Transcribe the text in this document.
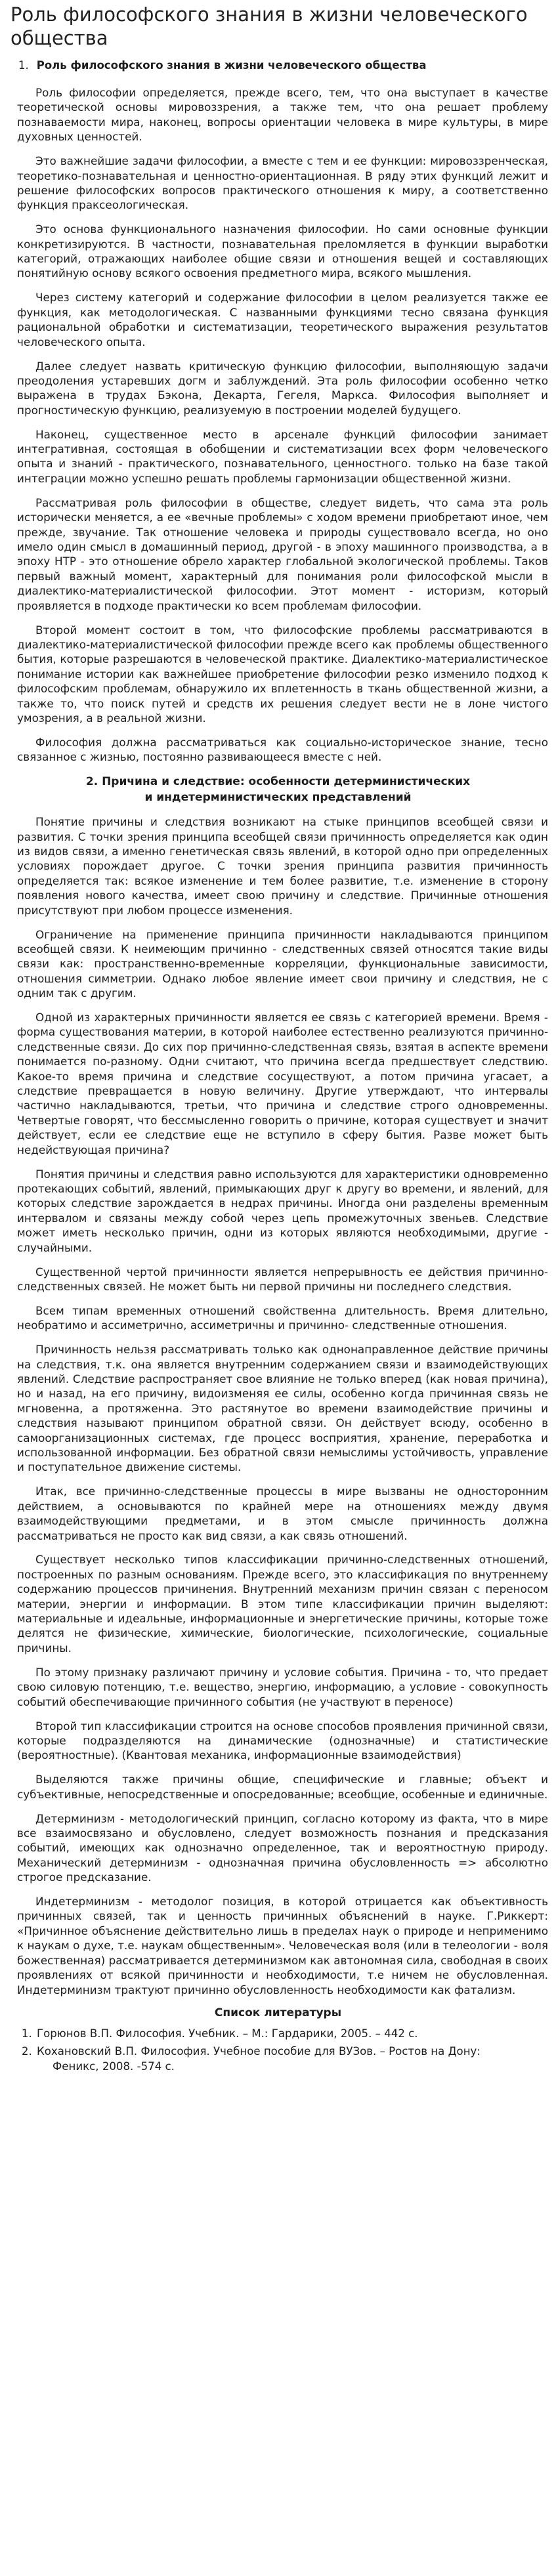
Роль философского знания в жизни человеческого общества
1. Роль философского знания в жизни человеческого общества

Роль философии определяется, прежде всего, тем, что она выступает в качестве теоретической основы мировоззрения, а также тем, что она решает проблему познаваемости мира, наконец, вопросы ориентации человека в мире культуры, в мире духовных ценностей.

Это важнейшие задачи философии, а вместе с тем и ее функции: мировоззренческая, теоретико-познавательная и ценностно-ориентационная. В ряду этих функций лежит и решение философских вопросов практического отношения к миру, а соответственно функция праксеологическая.

Это основа функционального назначения философии. Но сами основные функции конкретизируются. В частности, познавательная преломляется в функции выработки категорий, отражающих наиболее общие связи и отношения вещей и составляющих понятийную основу всякого освоения предметного мира, всякого мышления.

Через систему категорий и содержание философии в целом реализуется также ее функция, как методологическая. С названными функциями тесно связана функция рациональной обработки и систематизации, теоретического выражения результатов человеческого опыта.

Далее следует назвать критическую функцию философии, выполняющую задачи преодоления устаревших догм и заблуждений. Эта роль философии особенно четко выражена в трудах Бэкона, Декарта, Гегеля, Маркса. Философия выполняет и прогностическую функцию, реализуемую в построении моделей будущего.

Наконец, существенное место в арсенале функций философии занимает интегративная, состоящая в обобщении и систематизации всех форм человеческого опыта и знаний - практического, познавательного, ценностного. только на базе такой интеграции можно успешно решать проблемы гармонизации общественной жизни.

Рассматривая роль философии в обществе, следует видеть, что сама эта роль исторически меняется, а ее «вечные проблемы» с ходом времени приобретают иное, чем прежде, звучание. Так отношение человека и природы существовало всегда, но оно имело один смысл в домашинный период, другой - в эпоху машинного производства, а в эпоху НТР - это отношение обрело характер глобальной экологической проблемы. Таков первый важный момент, характерный для понимания роли философской мысли в диалектико-материалистической философии. Этот момент - историзм, который проявляется в подходе практически ко всем проблемам философии.

Второй момент состоит в том, что философские проблемы рассматриваются в диалектико-материалистической философии прежде всего как проблемы общественного бытия, которые разрешаются в человеческой практике. Диалектико-материалистическое понимание истории как важнейшее приобретение философии резко изменило подход к философским проблемам, обнаружило их вплетенность в ткань общественной жизни, а также то, что поиск путей и средств их решения следует вести не в лоне чистого умозрения, а в реальной жизни.

Философия должна рассматриваться как социально-историческое знание, тесно связанное с жизнью, постоянно развивающееся вместе с ней.

2. Причина и следствие: особенности детерминистических
и индетерминистических представлений

Понятие причины и следствия возникают на стыке принципов всеобщей связи и развития. С точки зрения принципа всеобщей связи причинность определяется как один из видов связи, а именно генетическая связь явлений, в которой одно при определенных условиях порождает другое. С точки зрения принципа развития причинность определяется так: всякое изменение и тем более развитие, т.е. изменение в сторону появления нового качества, имеет свою причину и следствие. Причинные отношения присутствуют при любом процессе изменения.

Ограничение на применение принципа причинности накладываются принципом всеобщей связи. К неимеющим причинно - следственных связей относятся такие виды связи как: пространственно-временные корреляции, функциональные зависимости, отношения симметрии. Однако любое явление имеет свои причину и следствия, не с одним так с другим.

Одной из характерных причинности является ее связь с категорией времени. Время - форма существования материи, в которой наиболее естественно реализуются причинно-следственные связи. До сих пор причинно-следственная связь, взятая в аспекте времени понимается по-разному. Одни считают, что причина всегда предшествует следствию. Какое-то время причина и следствие сосуществуют, а потом причина угасает, а следствие превращается в новую величину. Другие утверждают, что интервалы частично накладываются, третьи, что причина и следствие строго одновременны. Четвертые говорят, что бессмысленно говорить о причине, которая существует и значит действует, если ее следствие еще не вступило в сферу бытия. Разве может быть недействующая причина?

Понятия причины и следствия равно используются для характеристики одновременно протекающих событий, явлений, примыкающих друг к другу во времени, и явлений, для которых следствие зарождается в недрах причины. Иногда они разделены временным интервалом и связаны между собой через цепь промежуточных звеньев. Следствие может иметь несколько причин, одни из которых являются необходимыми, другие - случайными.

Существенной чертой причинности является непрерывность ее действия причинно-следственных связей. Не может быть ни первой причины ни последнего следствия.

Всем типам временных отношений свойственна длительность. Время длительно, необратимо и ассиметрично, ассиметричны и причинно- следственные отношения.

Причинность нельзя рассматривать только как однонаправленное действие причины на следствия, т.к. она является внутренним содержанием связи и взаимодействующих явлений. Следствие распространяет свое влияние не только вперед (как новая причина), но и назад, на его причину, видоизменяя ее силы, особенно когда причинная связь не мгновенна, а протяженна. Это растянутое во времени взаимодействие причины и следствия называют принципом обратной связи. Он действует всюду, особенно в самоорганизационных системах, где процесс восприятия, хранение, переработка и использованной информации. Без обратной связи немыслимы устойчивость, управление и поступательное движение системы.

Итак, все причинно-следственные процессы в мире вызваны не односторонним действием, а основываются по крайней мере на отношениях между двумя взаимодействующими предметами, и в этом смысле причинность должна рассматриваться не просто как вид связи, а как связь отношений.

Существует несколько типов классификации причинно-следственных отношений, построенных по разным основаниям. Прежде всего, это классификация по внутреннему содержанию процессов причинения. Внутренний механизм причин связан с переносом материи, энергии и информации. В этом типе классификации причин выделяют: материальные и идеальные, информационные и энергетические причины, которые тоже делятся не физические, химические, биологические, психологические, социальные причины.

По этому признаку различают причину и условие события. Причина - то, что предает свою силовую потенцию, т.е. вещество, энергию, информацию, а условие - совокупность событий обеспечивающие причинного события (не участвуют в переносе)

Второй тип классификации строится на основе способов проявления причинной связи, которые подразделяются на динамические (однозначные) и статистические (вероятностные). (Квантовая механика, информационные взаимодействия)

Выделяются также причины общие, специфические и главные; объект и субъективные, непосредственные и опосредованные; всеобщие, особенные и единичные.

Детерминизм - методологический принцип, согласно которому из факта, что в мире все взаимосвязано и обусловлено, следует возможность познания и предсказания событий, имеющих как однозначно определенное, так и вероятностную природу. Механический детерминизм - однозначная причина обусловленность => абсолютно строгое предсказание.

Индетерминизм - методолог позиция, в которой отрицается как объективность причинных связей, так и ценность причинных объяснений в науке. Г.Риккерт: «Причинное объяснение действительно лишь в пределах наук о природе и неприменимо к наукам о духе, т.е. наукам общественным». Человеческая воля (или в телеологии - воля божественная) рассматривается детерминизмом как автономная сила, свободная в своих проявлениях от всякой причинности и необходимости, т.е ничем не обусловленная. Индетерминизм трактуют причинно обусловленность необходимости как фатализм.

Список литературы
1. Горюнов В.П. Философия. Учебник. – М.: Гардарики, 2005. – 442 с.
2. Кохановский В.П. Философия. Учебное пособие для ВУЗов. – Ростов на Дону:
Феникс, 2008. -574 с.
